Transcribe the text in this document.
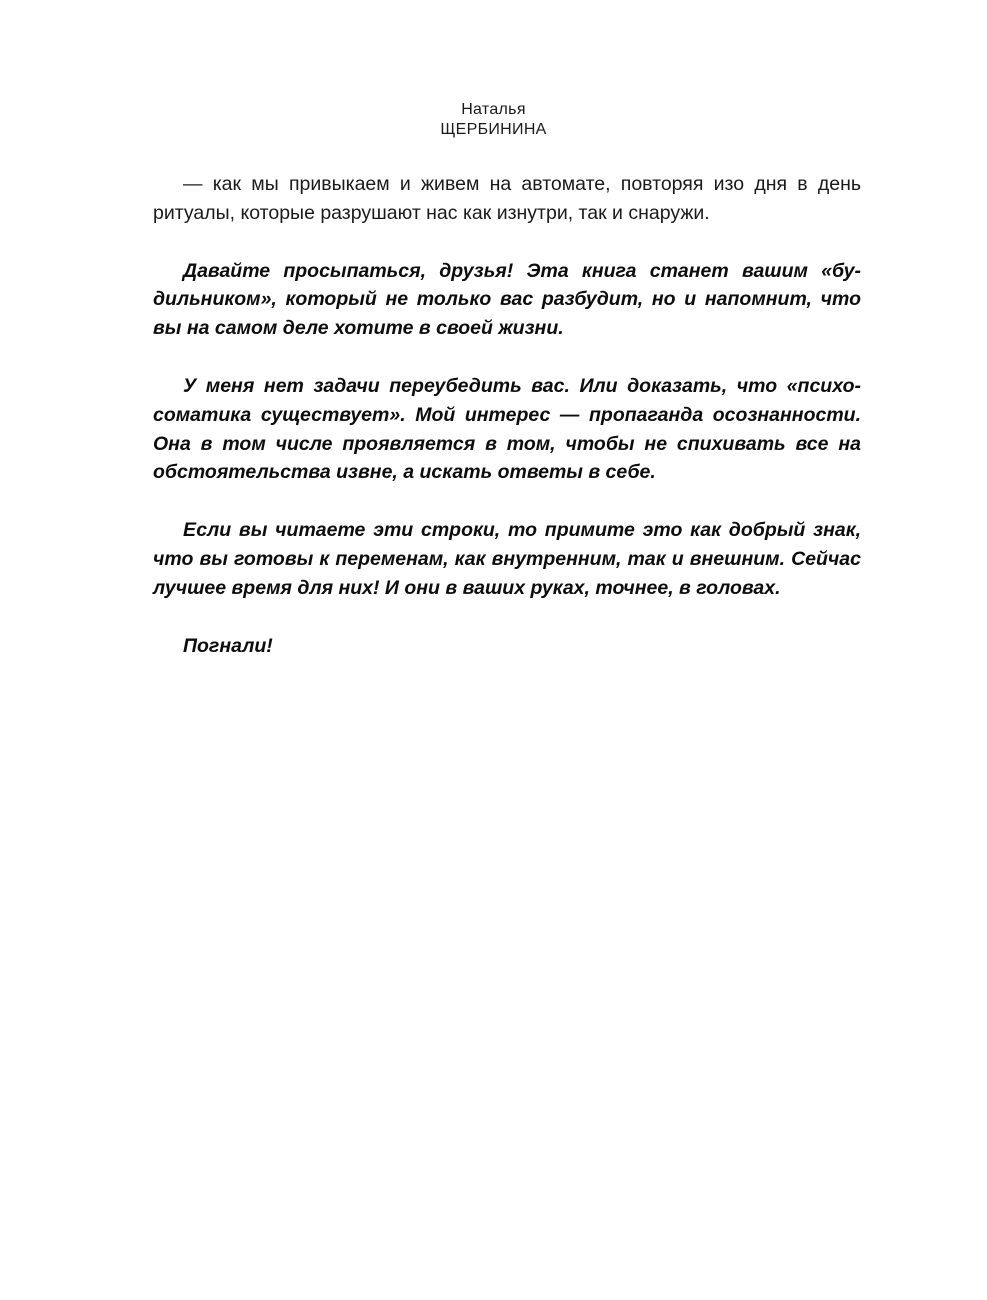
Наталья
ЩЕРБИНИНА

— как мы привыкаем и живем на автомате, повторяя изо дня в день ритуалы, которые разрушают нас как изнутри, так и снаружи.

Давайте просыпаться, друзья! Эта книга станет вашим «будильником», который не только вас разбудит, но и напомнит, что вы на самом деле хотите в своей жизни.

У меня нет задачи переубедить вас. Или доказать, что «психосоматика существует». Мой интерес — пропаганда осознанности. Она в том числе проявляется в том, чтобы не спихивать все на обстоятельства извне, а искать ответы в себе.

Если вы читаете эти строки, то примите это как добрый знак, что вы готовы к переменам, как внутренним, так и внешним. Сейчас лучшее время для них! И они в ваших руках, точнее, в головах.

Погнали!
